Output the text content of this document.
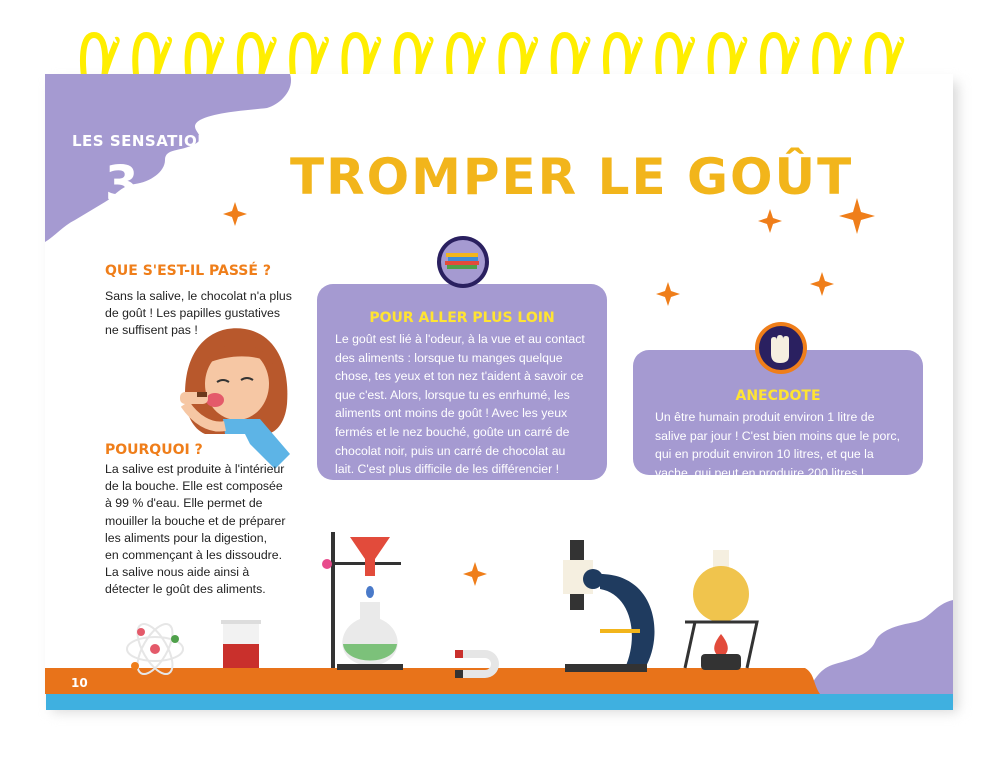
LES SENSATIONS
3	TROMPER LE GOÛT
QUE S'EST-IL PASSÉ ?
Sans la salive, le chocolat n'a plus
de goût ! Les papilles gustatives
ne suffisent pas !
POURQUOI ?
La salive est produite à l'intérieur
de la bouche. Elle est composée
à 99 % d'eau. Elle permet de
mouiller la bouche et de préparer
les aliments pour la digestion,
en commençant à les dissoudre.
La salive nous aide ainsi à
détecter le goût des aliments.
POUR ALLER PLUS LOIN
Le goût est lié à l'odeur, à la vue et au contact
des aliments : lorsque tu manges quelque
chose, tes yeux et ton nez t'aident à savoir ce
que c'est. Alors, lorsque tu es enrhumé, les
aliments ont moins de goût ! Avec les yeux
fermés et le nez bouché, goûte un carré de
chocolat noir, puis un carré de chocolat au
lait. C'est plus difficile de les différencier !
ANECDOTE
Un être humain produit environ 1 litre de
salive par jour ! C'est bien moins que le porc,
qui en produit environ 10 litres, et que la
vache, qui peut en produire 200 litres !
10
